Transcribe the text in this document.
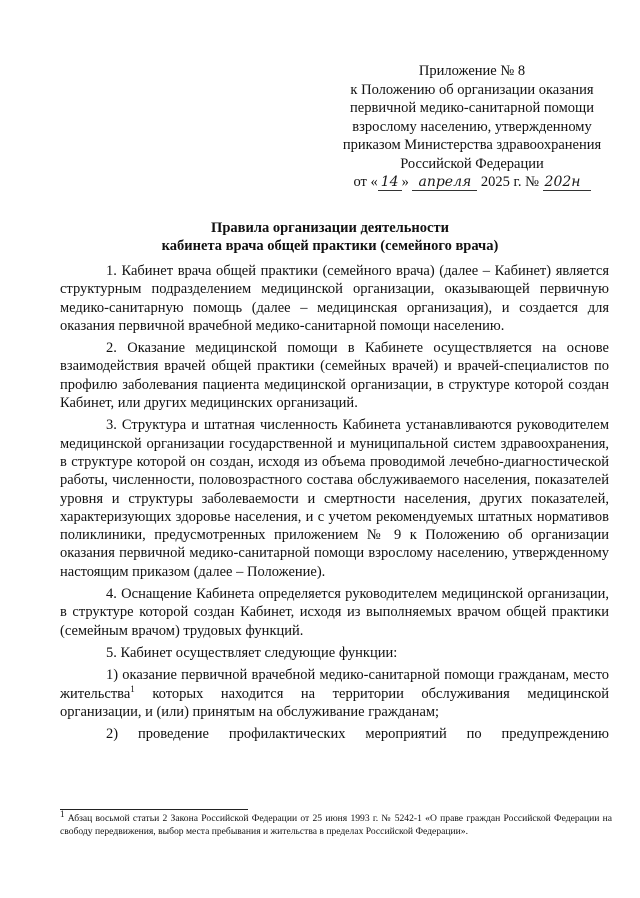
Приложение № 8
к Положению об организации оказания
первичной медико-санитарной помощи
взрослому населению, утвержденному
приказом Министерства здравоохранения
Российской Федерации
от « 14 » апреля 2025 г. № 202н
Правила организации деятельности
кабинета врача общей практики (семейного врача)

1. Кабинет врача общей практики (семейного врача) (далее – Кабинет) является структурным подразделением медицинской организации, оказывающей первичную медико-санитарную помощь (далее – медицинская организация), и создается для оказания первичной врачебной медико-санитарной помощи населению.

2. Оказание медицинской помощи в Кабинете осуществляется на основе взаимодействия врачей общей практики (семейных врачей) и врачей-специалистов по профилю заболевания пациента медицинской организации, в структуре которой создан Кабинет, или других медицинских организаций.

3. Структура и штатная численность Кабинета устанавливаются руководителем медицинской организации государственной и муниципальной систем здравоохранения, в структуре которой он создан, исходя из объема проводимой лечебно-диагностической работы, численности, половозрастного состава обслуживаемого населения, показателей уровня и структуры заболеваемости и смертности населения, других показателей, характеризующих здоровье населения, и с учетом рекомендуемых штатных нормативов поликлиники, предусмотренных приложением № 9 к Положению об организации оказания первичной медико-санитарной помощи взрослому населению, утвержденному настоящим приказом (далее – Положение).

4. Оснащение Кабинета определяется руководителем медицинской организации, в структуре которой создан Кабинет, исходя из выполняемых врачом общей практики (семейным врачом) трудовых функций.

5. Кабинет осуществляет следующие функции:

1) оказание первичной врачебной медико-санитарной помощи гражданам, место жительства$^1$ которых находится на территории обслуживания медицинской организации, и (или) принятым на обслуживание гражданам;

2) проведение профилактических мероприятий по предупреждению

$^1$ Абзац восьмой статьи 2 Закона Российской Федерации от 25 июня 1993 г. № 5242-1 «О праве граждан Российской Федерации на свободу передвижения, выбор места пребывания и жительства в пределах Российской Федерации».
